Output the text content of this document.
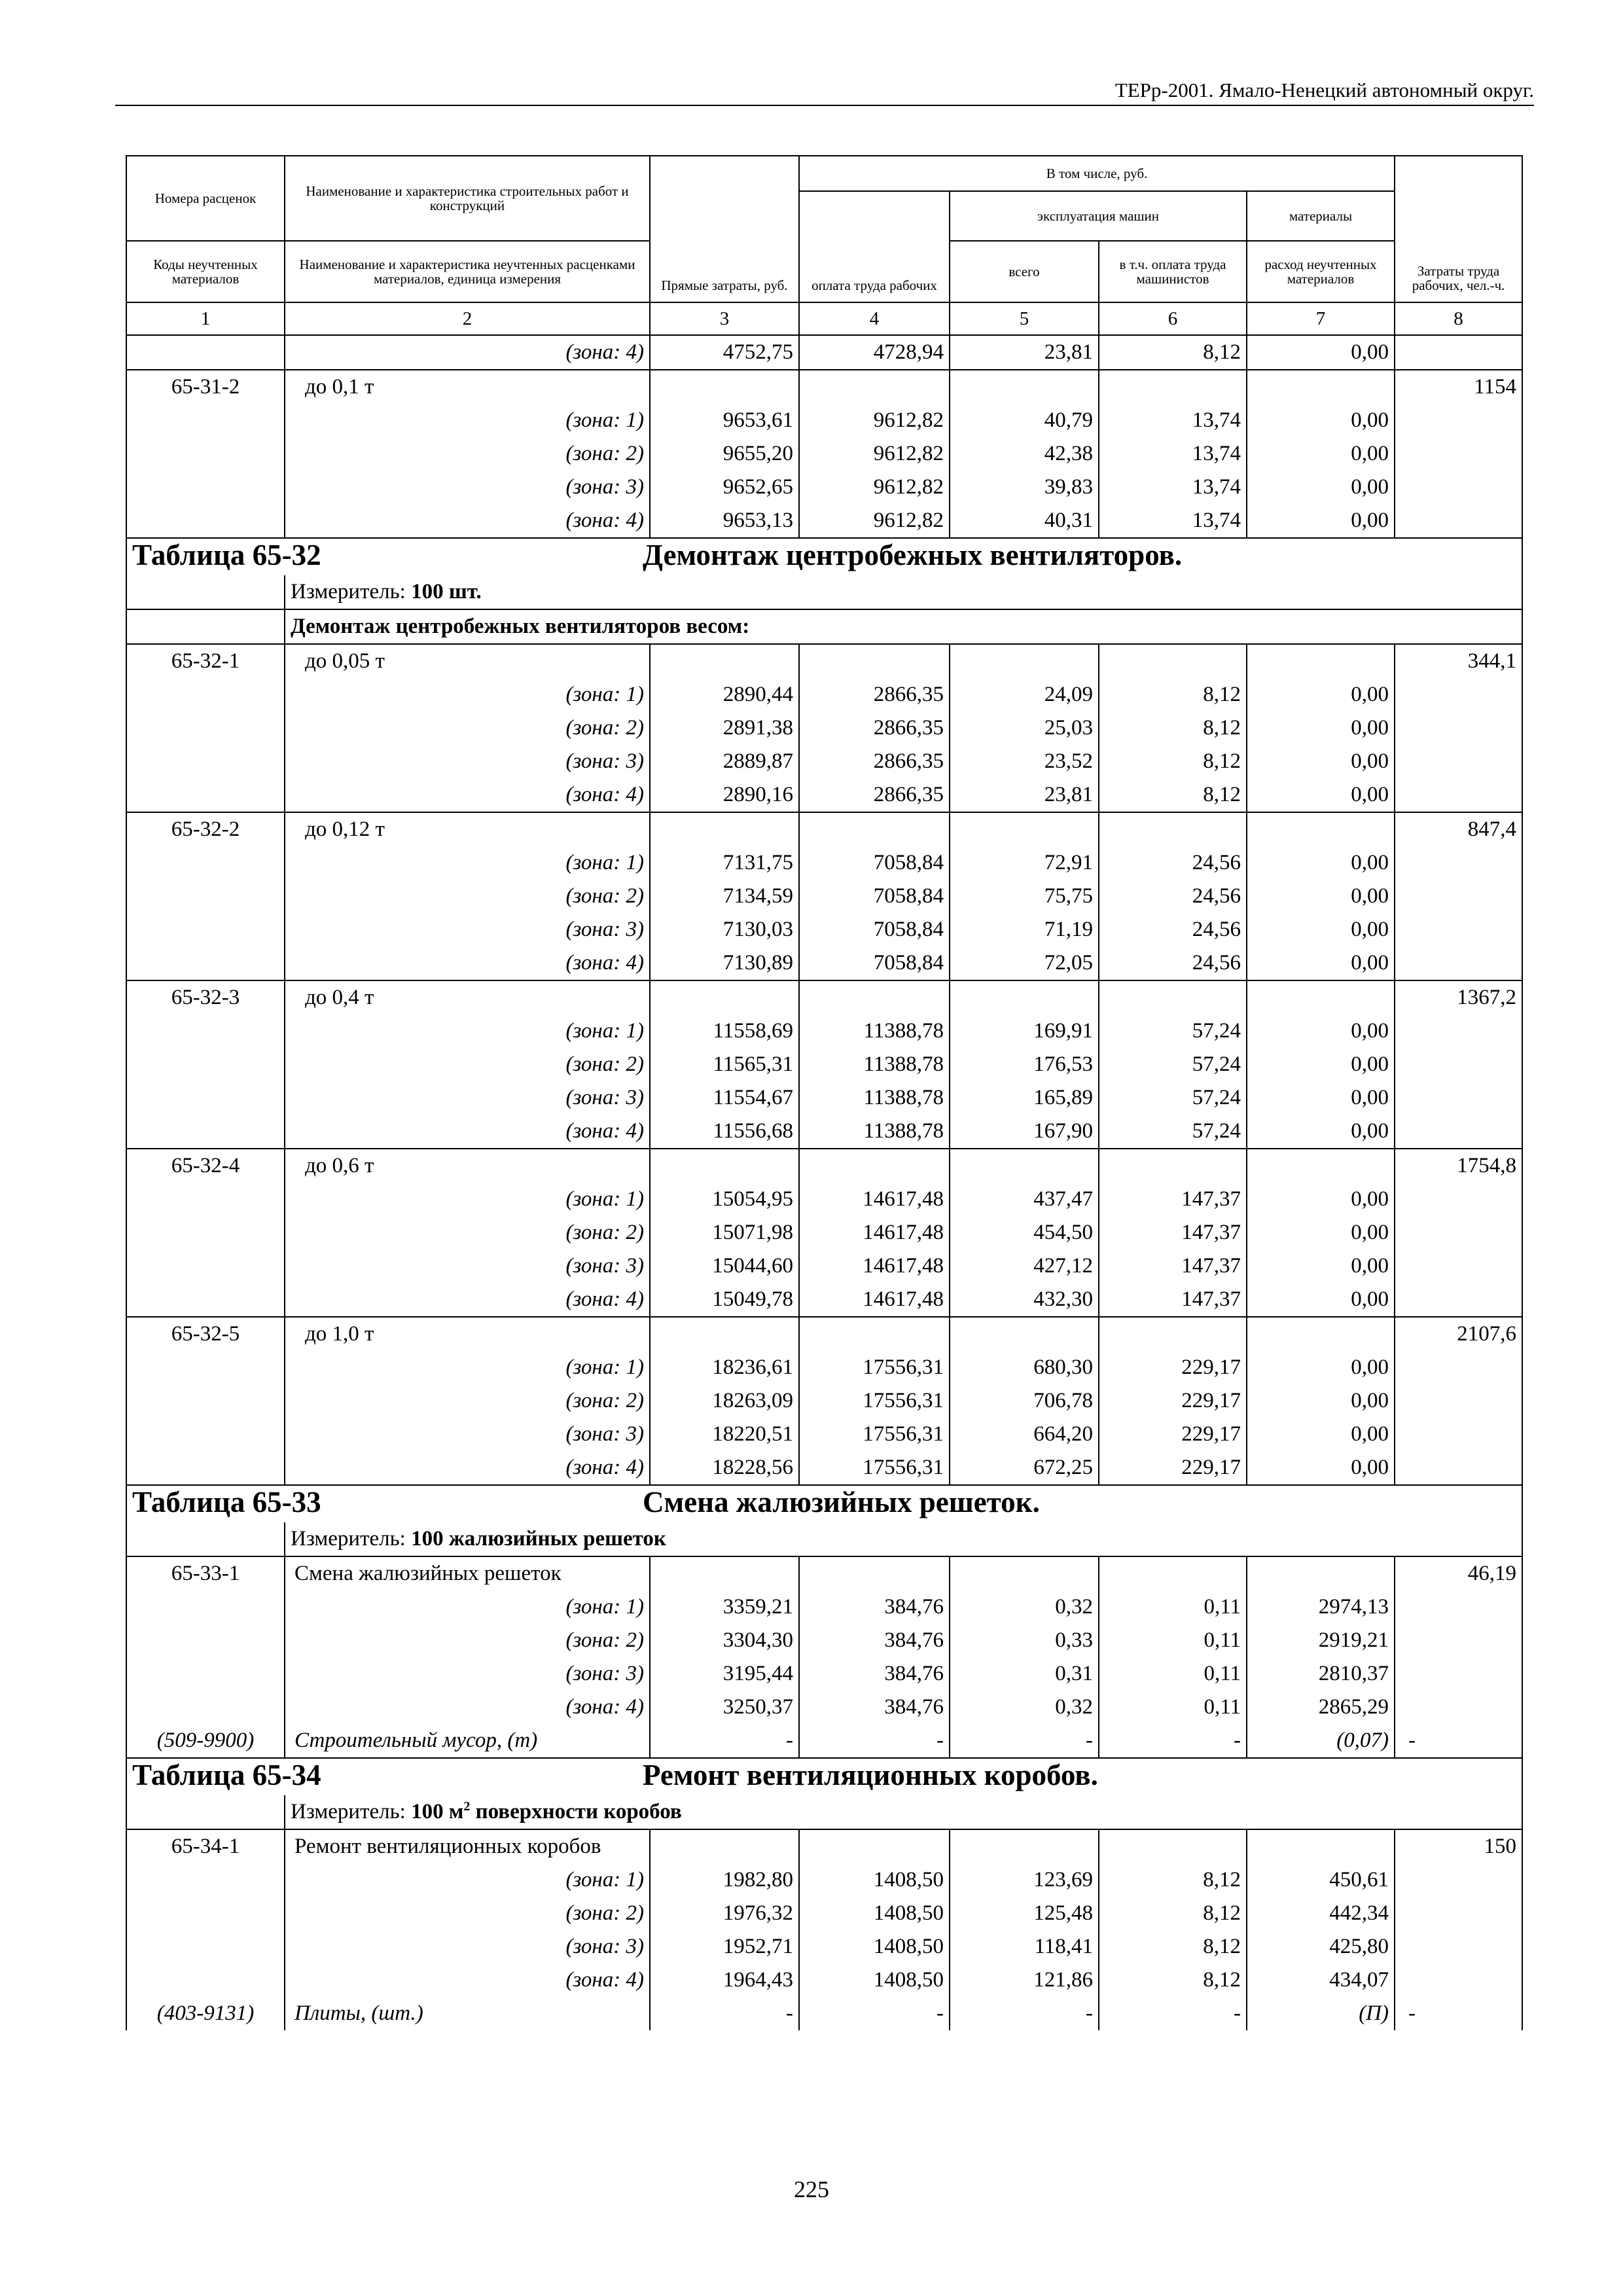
ТЕРр-2001. Ямало-Ненецкий автономный округ.
Номера расценок	Наименование и характеристика строительных работ и конструкций	Прямые затраты, руб.	В том числе, руб.				Затраты труда рабочих, чел.-ч.
			оплата труда рабочих	эксплуатация машин		материалы	
Коды неучтенных материалов	Наименование и характеристика неучтенных расценками материалов, единица измерения			всего	в т.ч. оплата труда машинистов	расход неучтенных материалов	
1	2	3	4	5	6	7	8
	(зона: 4)	4752,75	4728,94	23,81	8,12	0,00	
65-31-2	до 0,1 т						1154
	(зона: 1)	9653,61	9612,82	40,79	13,74	0,00	
	(зона: 2)	9655,20	9612,82	42,38	13,74	0,00	
	(зона: 3)	9652,65	9612,82	39,83	13,74	0,00	
	(зона: 4)	9653,13	9612,82	40,31	13,74	0,00	
Таблица 65-32 Демонтаж центробежных вентиляторов.							
	Измеритель: 100 шт.						
	Демонтаж центробежных вентиляторов весом:						
65-32-1	до 0,05 т						344,1
	(зона: 1)	2890,44	2866,35	24,09	8,12	0,00	
	(зона: 2)	2891,38	2866,35	25,03	8,12	0,00	
	(зона: 3)	2889,87	2866,35	23,52	8,12	0,00	
	(зона: 4)	2890,16	2866,35	23,81	8,12	0,00	
65-32-2	до 0,12 т						847,4
	(зона: 1)	7131,75	7058,84	72,91	24,56	0,00	
	(зона: 2)	7134,59	7058,84	75,75	24,56	0,00	
	(зона: 3)	7130,03	7058,84	71,19	24,56	0,00	
	(зона: 4)	7130,89	7058,84	72,05	24,56	0,00	
65-32-3	до 0,4 т						1367,2
	(зона: 1)	11558,69	11388,78	169,91	57,24	0,00	
	(зона: 2)	11565,31	11388,78	176,53	57,24	0,00	
	(зона: 3)	11554,67	11388,78	165,89	57,24	0,00	
	(зона: 4)	11556,68	11388,78	167,90	57,24	0,00	
65-32-4	до 0,6 т						1754,8
	(зона: 1)	15054,95	14617,48	437,47	147,37	0,00	
	(зона: 2)	15071,98	14617,48	454,50	147,37	0,00	
	(зона: 3)	15044,60	14617,48	427,12	147,37	0,00	
	(зона: 4)	15049,78	14617,48	432,30	147,37	0,00	
65-32-5	до 1,0 т						2107,6
	(зона: 1)	18236,61	17556,31	680,30	229,17	0,00	
	(зона: 2)	18263,09	17556,31	706,78	229,17	0,00	
	(зона: 3)	18220,51	17556,31	664,20	229,17	0,00	
	(зона: 4)	18228,56	17556,31	672,25	229,17	0,00	
Таблица 65-33 Смена жалюзийных решеток.							
	Измеритель: 100 жалюзийных решеток						
65-33-1	Смена жалюзийных решеток						46,19
	(зона: 1)	3359,21	384,76	0,32	0,11	2974,13	
	(зона: 2)	3304,30	384,76	0,33	0,11	2919,21	
	(зона: 3)	3195,44	384,76	0,31	0,11	2810,37	
	(зона: 4)	3250,37	384,76	0,32	0,11	2865,29	
(509-9900)	Строительный мусор, (т)	-	-	-	-	(0,07)	-
Таблица 65-34 Ремонт вентиляционных коробов.							
	Измеритель: 100 $м^2$ поверхности коробов						
65-34-1	Ремонт вентиляционных коробов						150
	(зона: 1)	1982,80	1408,50	123,69	8,12	450,61	
	(зона: 2)	1976,32	1408,50	125,48	8,12	442,34	
	(зона: 3)	1952,71	1408,50	118,41	8,12	425,80	
	(зона: 4)	1964,43	1408,50	121,86	8,12	434,07	
(403-9131)	Плиты, (шт.)	-	-	-	-	(П)	-
225
